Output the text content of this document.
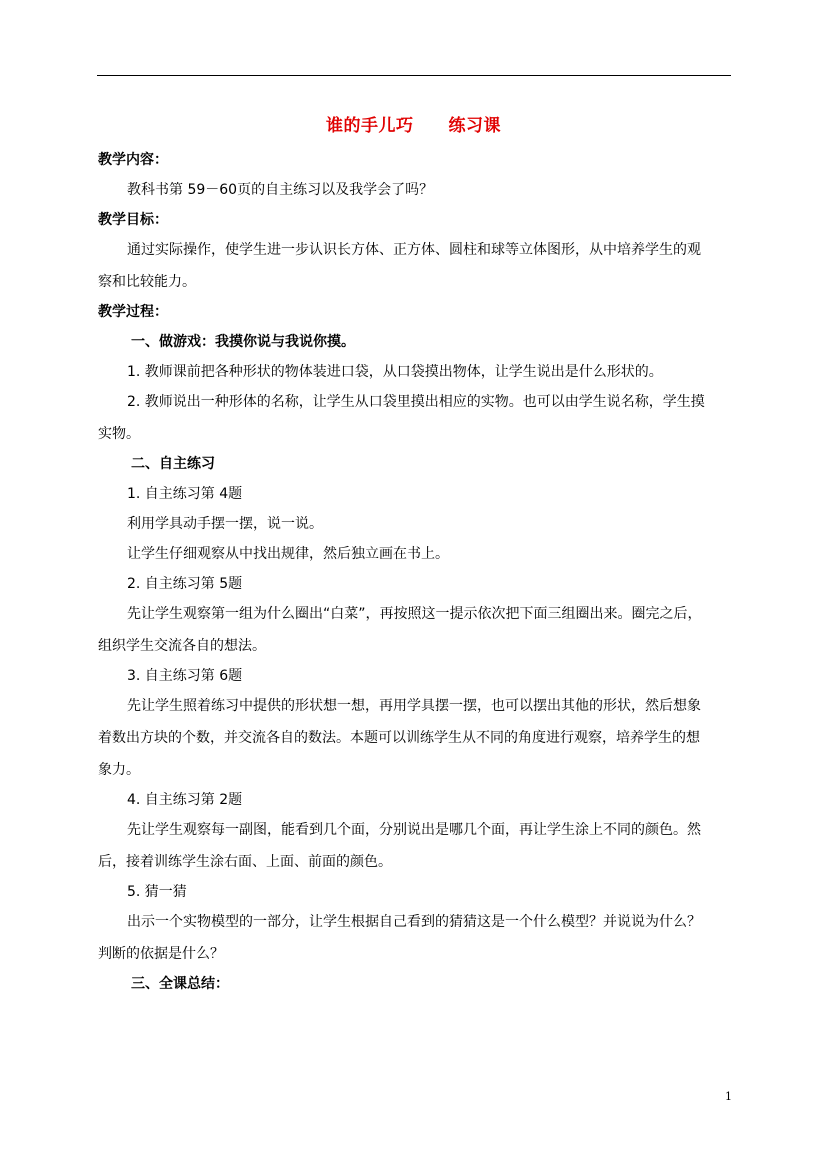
谁的手儿巧　　练习课

教学内容：

教科书第 59－60页的自主练习以及我学会了吗？

教学目标：

通过实际操作，使学生进一步认识长方体、正方体、圆柱和球等立体图形，从中培养学生的观
察和比较能力。

教学过程：

一、做游戏：我摸你说与我说你摸。

1. 教师课前把各种形状的物体装进口袋，从口袋摸出物体，让学生说出是什么形状的。

2. 教师说出一种形体的名称，让学生从口袋里摸出相应的实物。也可以由学生说名称，学生摸
实物。

二、自主练习

1. 自主练习第 4题

利用学具动手摆一摆，说一说。

让学生仔细观察从中找出规律，然后独立画在书上。

2. 自主练习第 5题

先让学生观察第一组为什么圈出“白菜”，再按照这一提示依次把下面三组圈出来。圈完之后，
组织学生交流各自的想法。

3. 自主练习第 6题

先让学生照着练习中提供的形状想一想，再用学具摆一摆，也可以摆出其他的形状，然后想象
着数出方块的个数，并交流各自的数法。本题可以训练学生从不同的角度进行观察，培养学生的想
象力。

4. 自主练习第 2题

先让学生观察每一副图，能看到几个面，分别说出是哪几个面，再让学生涂上不同的颜色。然
后，接着训练学生涂右面、上面、前面的颜色。

5. 猜一猜

出示一个实物模型的一部分，让学生根据自己看到的猜猜这是一个什么模型？并说说为什么？
判断的依据是什么？

三、全课总结：

1
